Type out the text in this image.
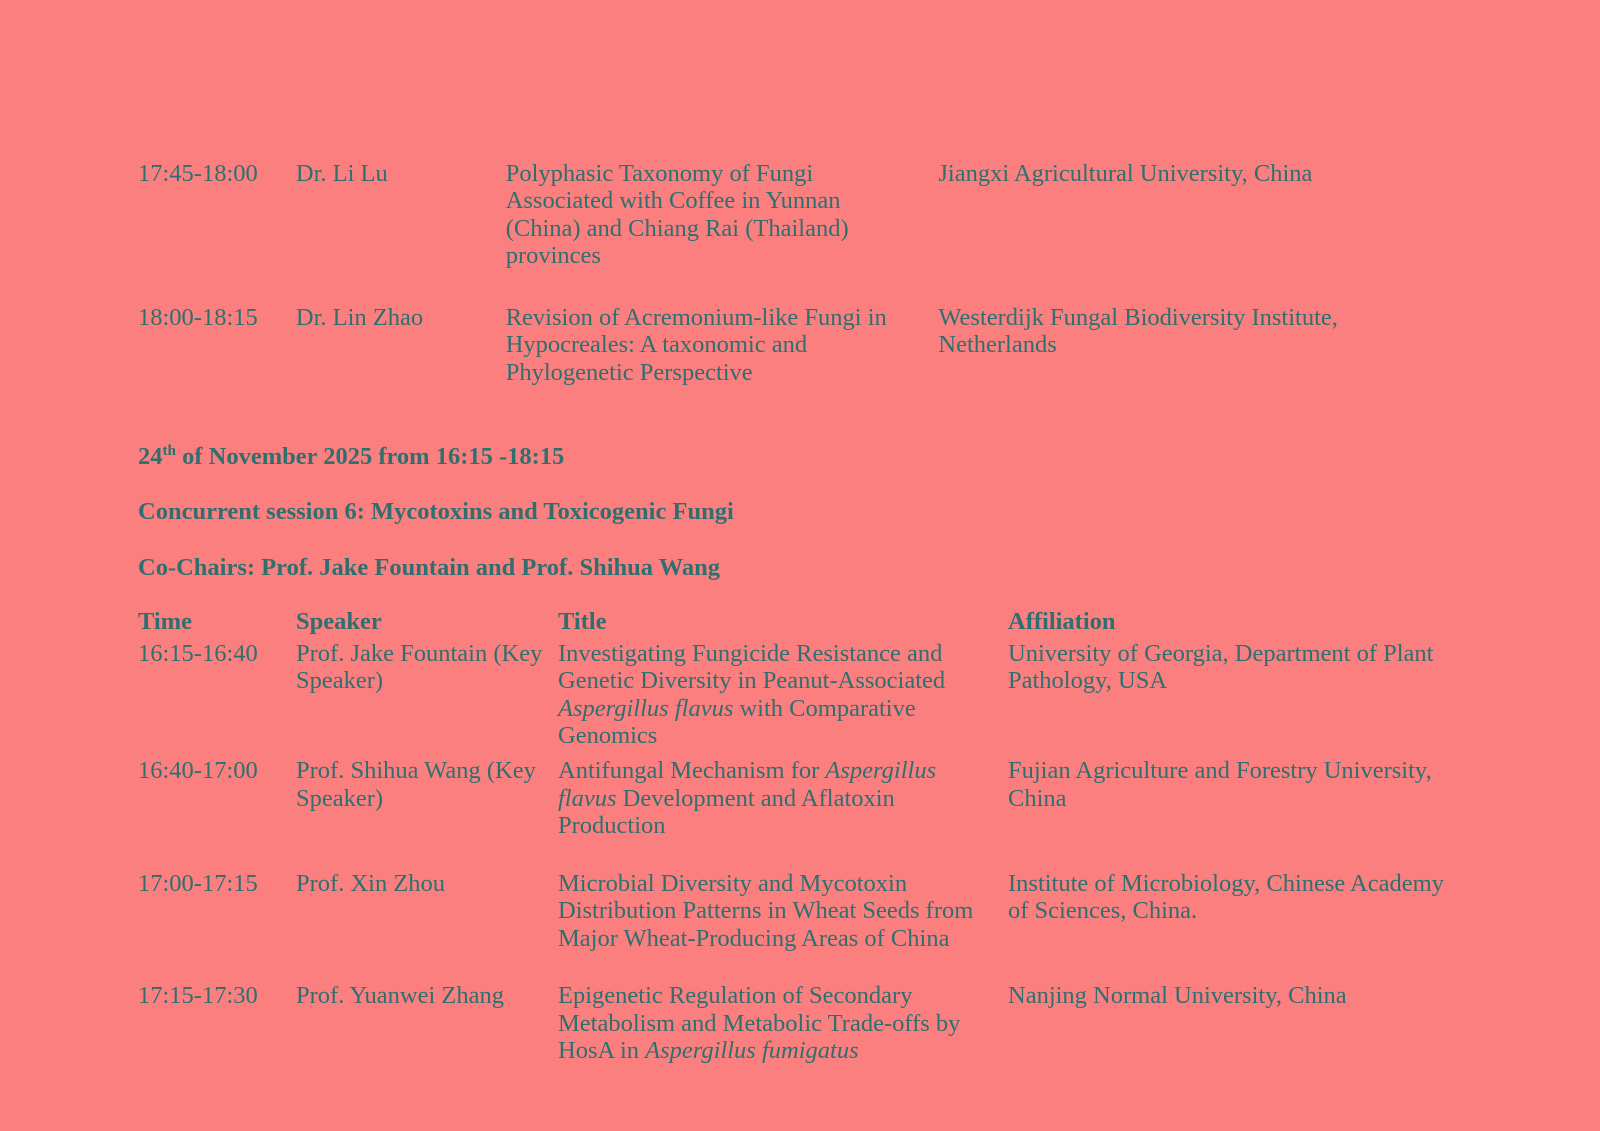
17:45-18:00	Dr. Li Lu	Polyphasic Taxonomy of Fungi Associated with Coffee in Yunnan (China) and Chiang Rai (Thailand) provinces	Jiangxi Agricultural University, China
18:00-18:15	Dr. Lin Zhao	Revision of Acremonium-like Fungi in Hypocreales: A taxonomic and Phylogenetic Perspective	Westerdijk Fungal Biodiversity Institute, Netherlands
24th of November 2025 from 16:15 -18:15
Concurrent session 6: Mycotoxins and Toxicogenic Fungi
Co-Chairs: Prof. Jake Fountain and Prof. Shihua Wang
Time	Speaker	Title	Affiliation
16:15-16:40	Prof. Jake Fountain (Key Speaker)	Investigating Fungicide Resistance and Genetic Diversity in Peanut-Associated Aspergillus flavus with Comparative Genomics	University of Georgia, Department of Plant Pathology, USA
16:40-17:00	Prof. Shihua Wang (Key Speaker)	Antifungal Mechanism for Aspergillus flavus Development and Aflatoxin Production	Fujian Agriculture and Forestry University, China
17:00-17:15	Prof. Xin Zhou	Microbial Diversity and Mycotoxin Distribution Patterns in Wheat Seeds from Major Wheat-Producing Areas of China	Institute of Microbiology, Chinese Academy of Sciences, China.
17:15-17:30	Prof. Yuanwei Zhang	Epigenetic Regulation of Secondary Metabolism and Metabolic Trade-offs by HosA in Aspergillus fumigatus	Nanjing Normal University, China
